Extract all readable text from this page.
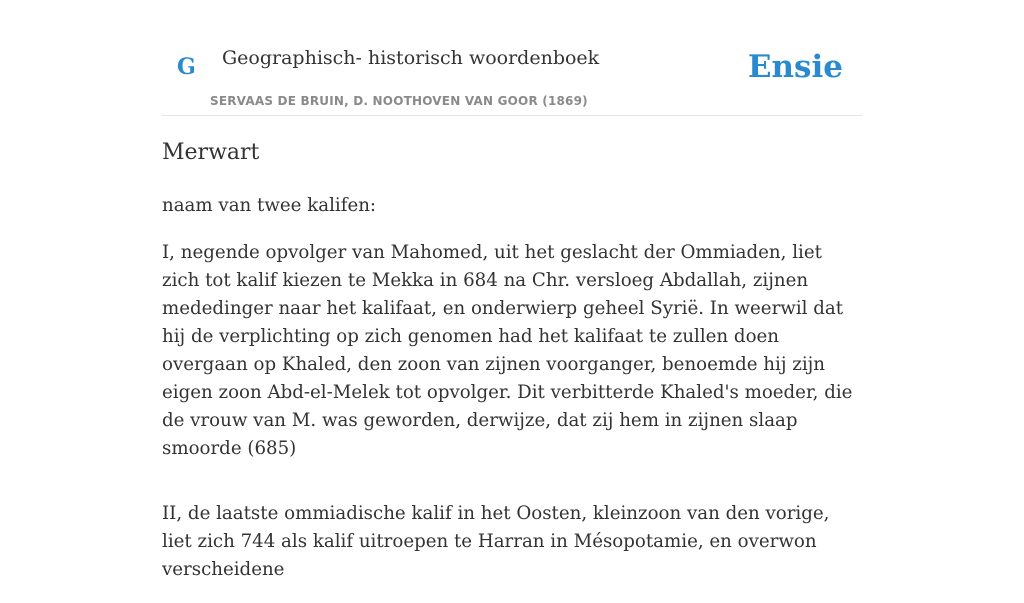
G Geographisch- historisch woordenboek
SERVAAS DE BRUIN, D. NOOTHOVEN VAN GOOR (1869)
Ensie
Merwart

naam van twee kalifen:

I, negende opvolger van Mahomed, uit het geslacht der Ommiaden, liet zich tot kalif kiezen te Mekka in 684 na Chr. versloeg Abdallah, zijnen mededinger naar het kalifaat, en onderwierp geheel Syrië. In weerwil dat hij de verplichting op zich genomen had het kalifaat te zullen doen overgaan op Khaled, den zoon van zijnen voorganger, benoemde hij zijn eigen zoon Abd-el-Melek tot opvolger. Dit verbitterde Khaled's moeder, die de vrouw van M. was geworden, derwijze, dat zij hem in zijnen slaap smoorde (685)

II, de laatste ommiadische kalif in het Oosten, kleinzoon van den vorige, liet zich 744 als kalif uitroepen te Harran in Mésopotamie, en overwon verscheidene
